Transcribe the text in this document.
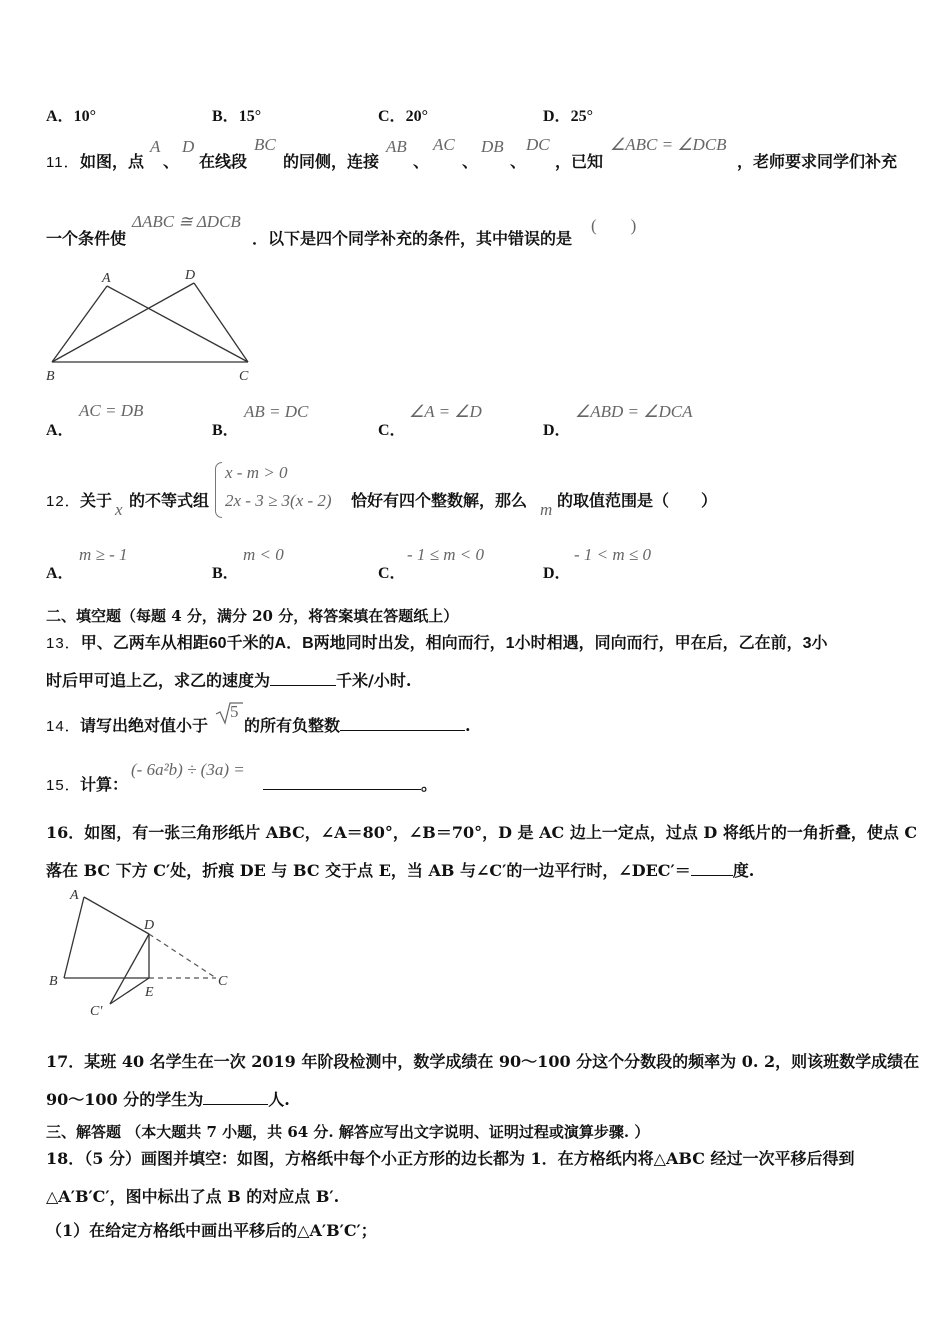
A．10°	B．15°	C．20°	D．25°
11． 如图，点
A
、
D
在线段
BC
的同侧，连接
AB
、
AC
、
DB
、
DC
，已知
∠ABC = ∠DCB
，老师要求同学们补充
一个条件使
ΔABC ≅ ΔDCB
．以下是四个同学补充的条件，其中错误的是
(　　)
A	D
B	C
A．
AC = DB
B．
AB = DC
C．
∠A = ∠D
D．
∠ABD = ∠DCA
12． 关于 x 的不等式组
x - m > 0
2x - 3 ≥ 3(x - 2) 恰好有四个整数解，那么 m 的取值范围是（　　）
A．
m ≥ - 1
B．
m < 0
C．
- 1 ≤ m < 0
D．
- 1 < m ≤ 0
二、填空题（每题 4 分，满分 20 分，将答案填在答题纸上）
13．甲、乙两车从相距60千米的A．B两地同时出发，相向而行，1小时相遇，同向而行，甲在后，乙在前，3小
时后甲可追上乙，求乙的速度为	千米/小时.
14． 请写出绝对值小于
5
的所有负整数	.
15． 计算：
(- 6a²b) ÷ (3a) =
。
16．如图，有一张三角形纸片 ABC，∠A＝80°，∠B＝70°，D 是 AC 边上一定点，过点 D 将纸片的一角折叠，使点 C
落在 BC 下方 C′处，折痕 DE 与 BC 交于点 E，当 AB 与∠C′的一边平行时，∠DEC′＝	度.
A
D
B
E
C
C′
17．某班 40 名学生在一次 2019 年阶段检测中，数学成绩在 90～100 分这个分数段的频率为 0. 2，则该班数学成绩在
90～100 分的学生为	人.
三、解答题 （本大题共 7 小题，共 64 分. 解答应写出文字说明、证明过程或演算步骤. ）
18．（5 分）画图并填空：如图，方格纸中每个小正方形的边长都为 1．在方格纸内将△ABC 经过一次平移后得到
△A′B′C′，图中标出了点 B 的对应点 B′.
（1）在给定方格纸中画出平移后的△A′B′C′；
